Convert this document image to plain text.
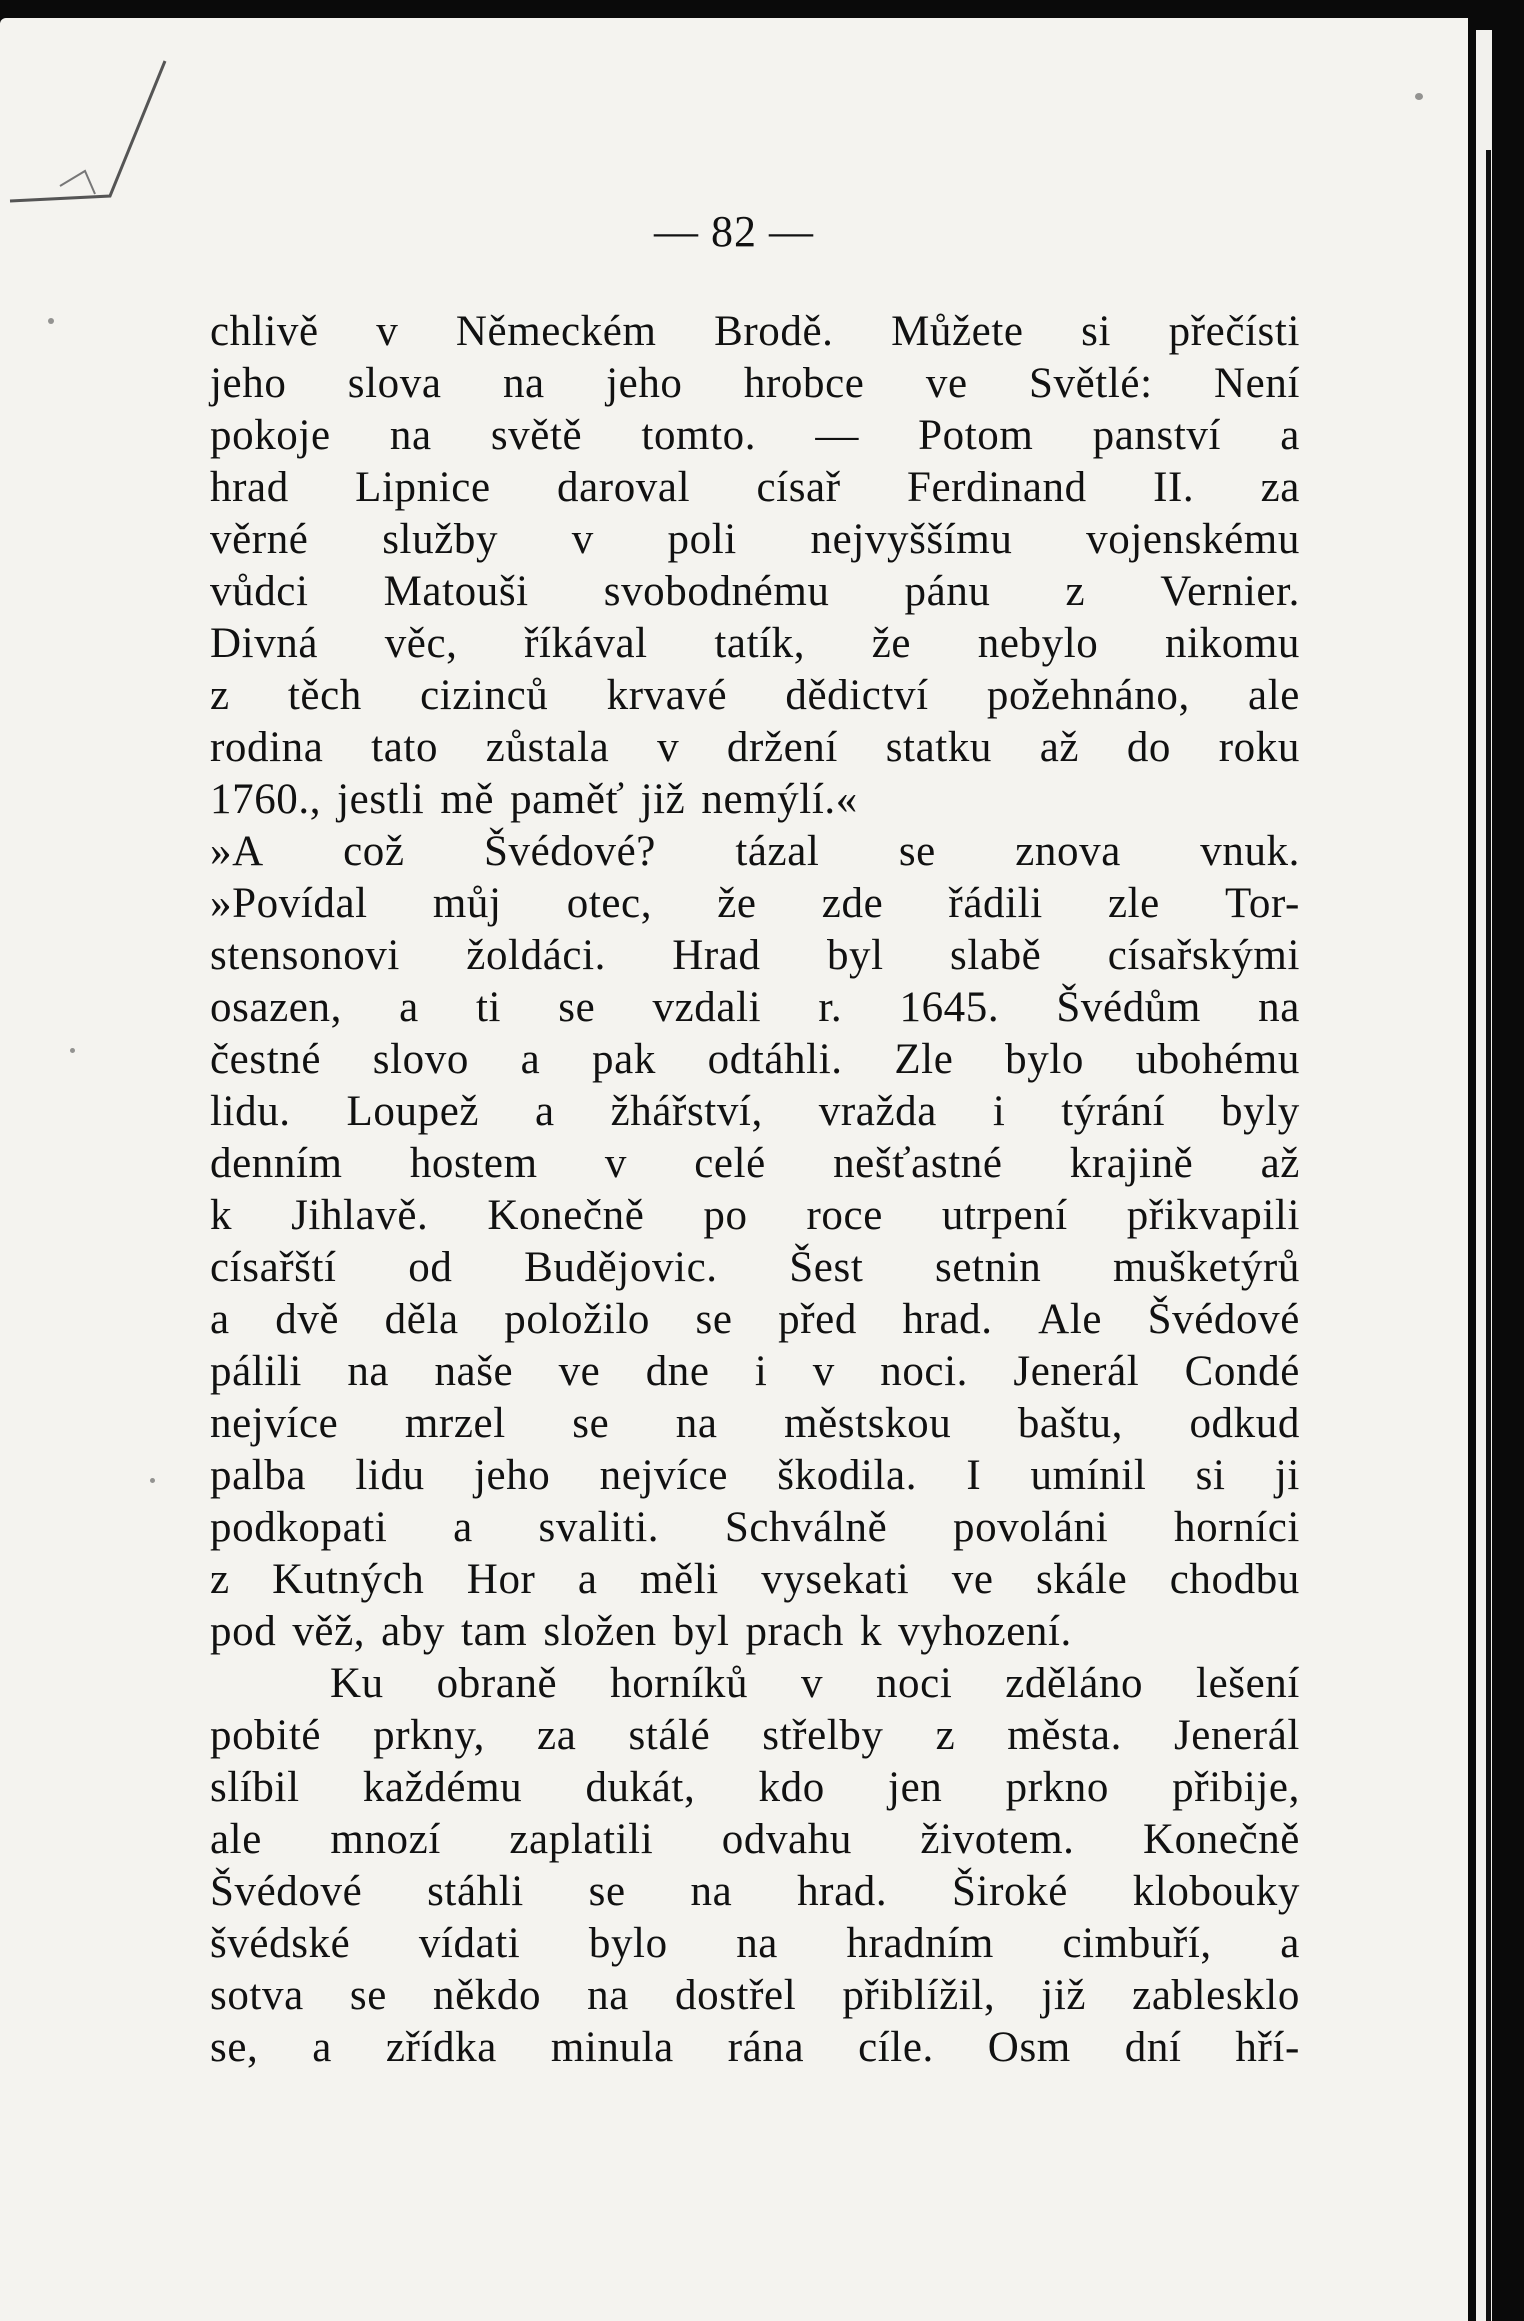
— 82 —
chlivě v Německém Brodě. Můžete si přečísti
jeho slova na jeho hrobce ve Světlé: Není
pokoje na světě tomto. — Potom panství a
hrad Lipnice daroval císař Ferdinand II. za
věrné služby v poli nejvyššímu vojenskému
vůdci Matouši svobodnému pánu z Vernier.
Divná věc, říkával tatík, že nebylo nikomu
z těch cizinců krvavé dědictví požehnáno, ale
rodina tato zůstala v držení statku až do roku
1760., jestli mě paměť již nemýlí.«
»A což Švédové? tázal se znova vnuk.
»Povídal můj otec, že zde řádili zle Tor-
stensonovi žoldáci. Hrad byl slabě císařskými
osazen, a ti se vzdali r. 1645. Švédům na
čestné slovo a pak odtáhli. Zle bylo ubohému
lidu. Loupež a žhářství, vražda i týrání byly
denním hostem v celé nešťastné krajině až
k Jihlavě. Konečně po roce utrpení přikvapili
císařští od Budějovic. Šest setnin mušketýrů
a dvě děla položilo se před hrad. Ale Švédové
pálili na naše ve dne i v noci. Jenerál Condé
nejvíce mrzel se na městskou baštu, odkud
palba lidu jeho nejvíce škodila. I umínil si ji
podkopati a svaliti. Schválně povoláni horníci
z Kutných Hor a měli vysekati ve skále chodbu
pod věž, aby tam složen byl prach k vyhození.
Ku obraně horníků v noci zděláno lešení
pobité prkny, za stálé střelby z města. Jenerál
slíbil každému dukát, kdo jen prkno přibije,
ale mnozí zaplatili odvahu životem. Konečně
Švédové stáhli se na hrad. Široké klobouky
švédské vídati bylo na hradním cimbuří, a
sotva se někdo na dostřel přiblížil, již zablesklo
se, a zřídka minula rána cíle. Osm dní hří-
